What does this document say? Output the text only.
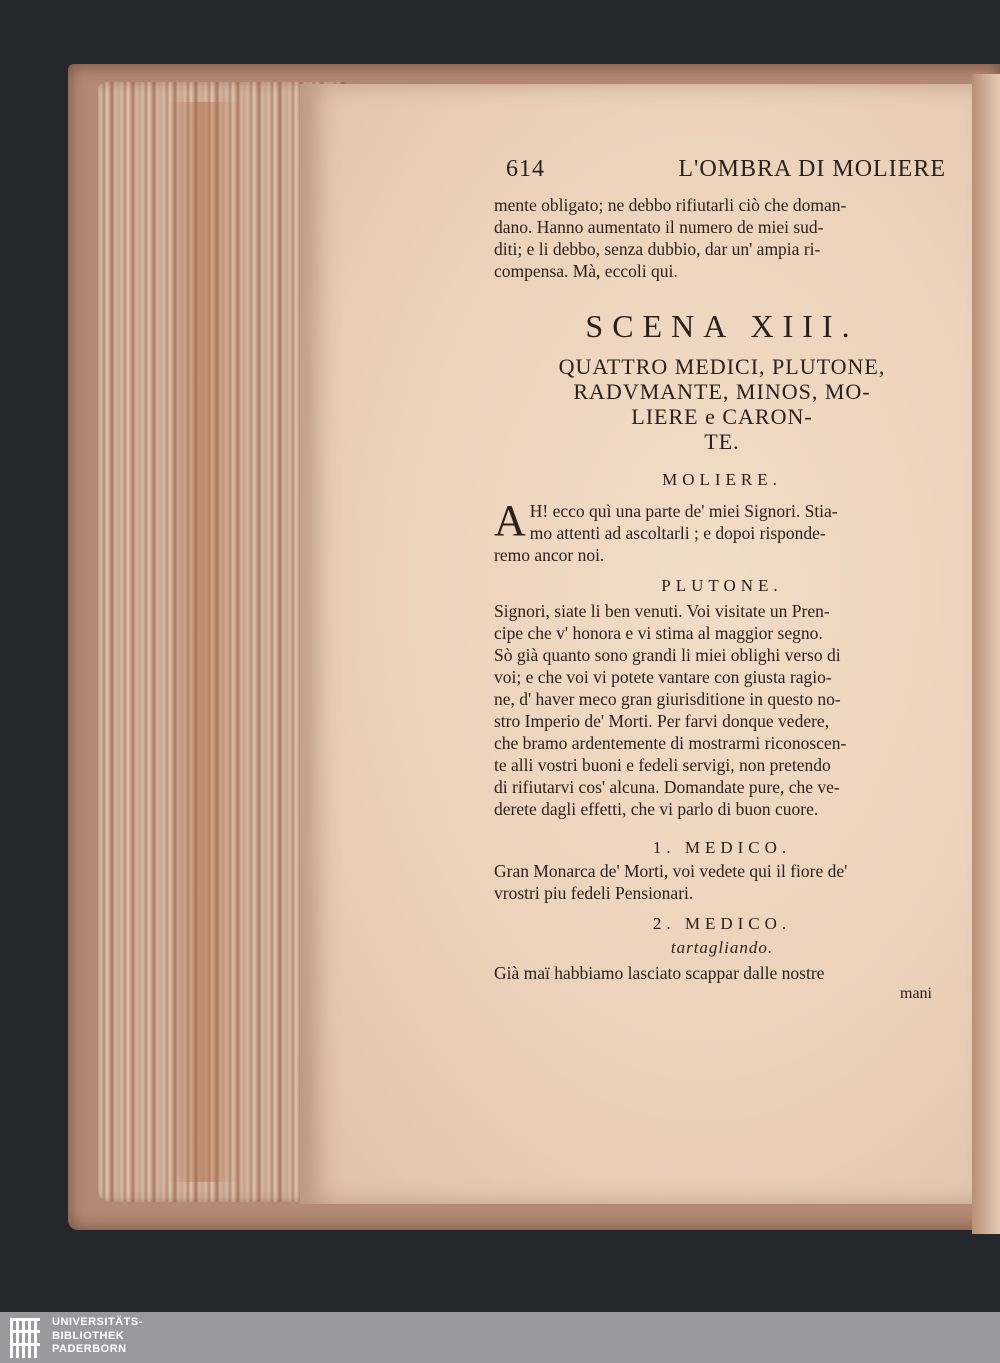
614	L'OMBRA DI MOLIERE
mente obligato; ne debbo rifiutarli ciò che doman-
dano. Hanno aumentato il numero de miei sud-
diti; e li debbo, senza dubbio, dar un' ampia ri-
compensa. Mà, eccoli qui.
SCENA XIII.
QUATTRO MEDICI, PLUTONE,
RADVMANTE, MINOS, MO-
LIERE e CARON-
TE.
MOLIERE.
A H! ecco quì una parte de' miei Signori. Stia-
mo attenti ad ascoltarli ; e dopoi risponde-
remo ancor noi.
PLUTONE.
Signori, siate li ben venuti. Voi visitate un Pren-
cipe che v' honora e vi stima al maggior segno.
Sò già quanto sono grandi li miei oblighi verso di
voi; e che voi vi potete vantare con giusta ragio-
ne, d' haver meco gran giurisditione in questo no-
stro Imperio de' Morti. Per farvi donque vedere,
che bramo ardentemente di mostrarmi riconoscen-
te alli vostri buoni e fedeli servigi, non pretendo
di rifiutarvi cos' alcuna. Domandate pure, che ve-
derete dagli effetti, che vi parlo di buon cuore.
1. MEDICO.
Gran Monarca de' Morti, voi vedete qui il fiore de'
vrostri piu fedeli Pensionari.
2. MEDICO.
tartagliando.
Già maï habbiamo lasciato scappar dalle nostre
mani
UNIVERSITÄTS-
BIBLIOTHEK
PADERBORN
